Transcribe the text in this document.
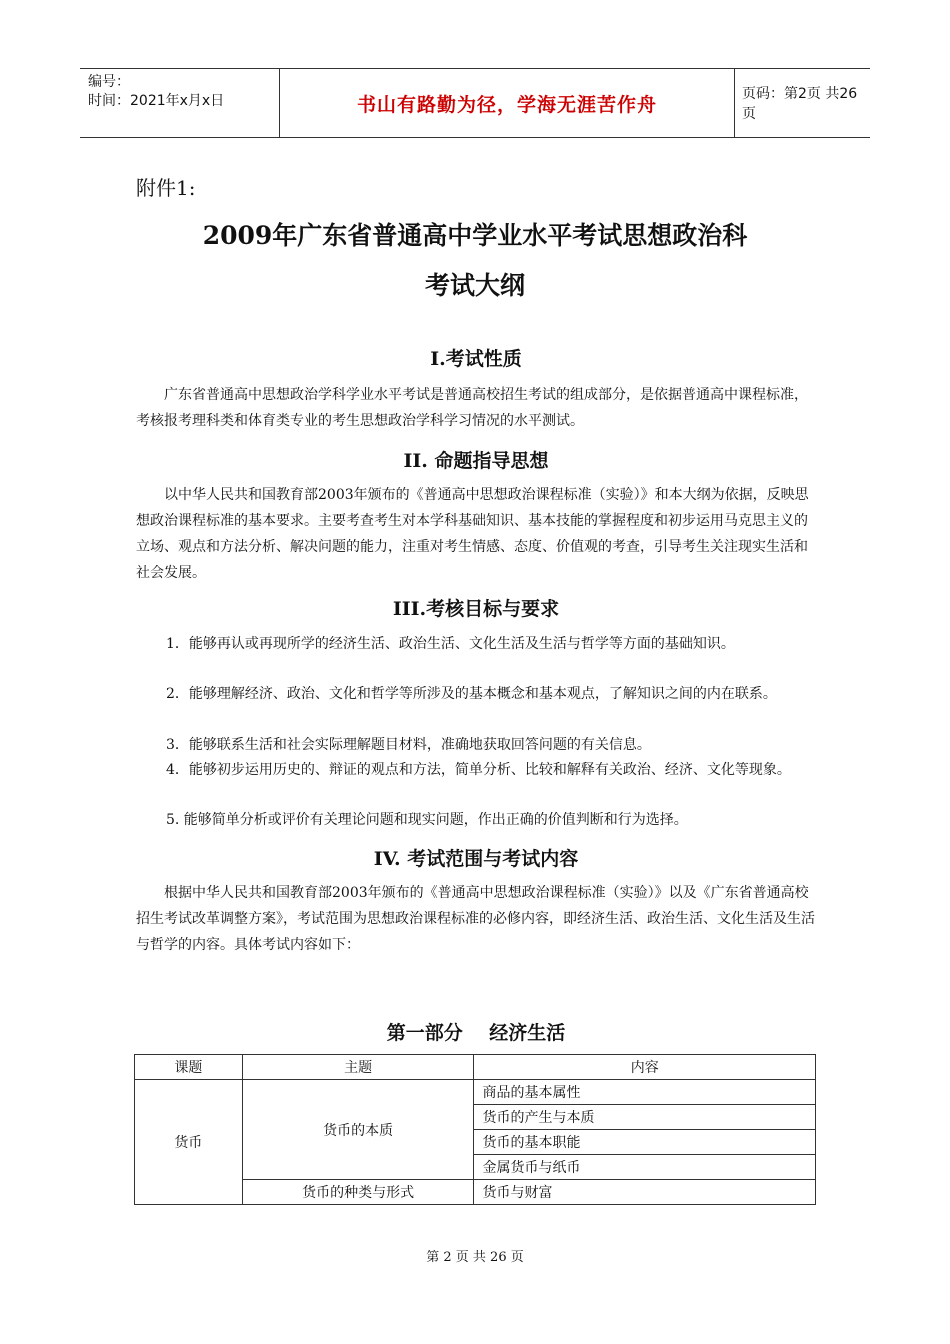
编号：
时间：2021年x月x日	书山有路勤为径，学海无涯苦作舟	页码：第2页 共26页
附件1:
2009年广东省普通高中学业水平考试思想政治科
考试大纲
Ⅰ.考试性质

广东省普通高中思想政治学科学业水平考试是普通高校招生考试的组成部分，是依据普通高中课程标准，考核报考理科类和体育类专业的考生思想政治学科学习情况的水平测试。

II. 命题指导思想

以中华人民共和国教育部2003年颁布的《普通高中思想政治课程标准（实验）》和本大纲为依据，反映思想政治课程标准的基本要求。主要考查考生对本学科基础知识、基本技能的掌握程度和初步运用马克思主义的立场、观点和方法分析、解决问题的能力，注重对考生情感、态度、价值观的考查，引导考生关注现实生活和社会发展。

III.考核目标与要求

1．能够再认或再现所学的经济生活、政治生活、文化生活及生活与哲学等方面的基础知识。

2．能够理解经济、政治、文化和哲学等所涉及的基本概念和基本观点，了解知识之间的内在联系。

3．能够联系生活和社会实际理解题目材料，准确地获取回答问题的有关信息。

4．能够初步运用历史的、辩证的观点和方法，简单分析、比较和解释有关政治、经济、文化等现象。

5. 能够简单分析或评价有关理论问题和现实问题，作出正确的价值判断和行为选择。

IV. 考试范围与考试内容

根据中华人民共和国教育部2003年颁布的《普通高中思想政治课程标准（实验）》以及《广东省普通高校招生考试改革调整方案》，考试范围为思想政治课程标准的必修内容，即经济生活、政治生活、文化生活及生活与哲学的内容。具体考试内容如下：

第一部分    经济生活
课题	主题	内容
货币	货币的本质	商品的基本属性
		货币的产生与本质
		货币的基本职能
		金属货币与纸币
	货币的种类与形式	货币与财富
第 2 页 共 26 页
